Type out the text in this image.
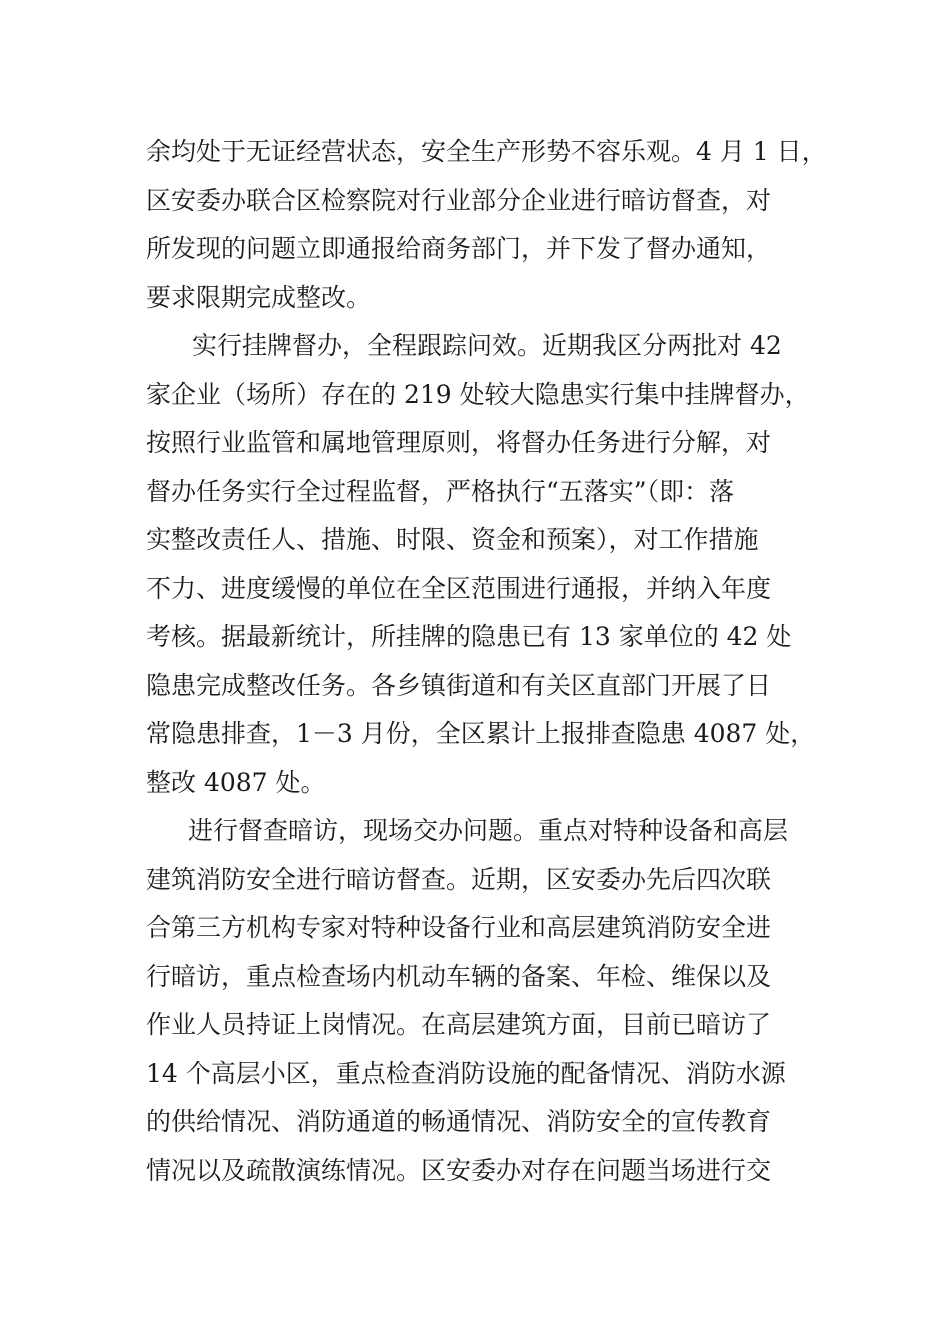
余均处于无证经营状态，安全生产形势不容乐观。4 月 1 日，
区安委办联合区检察院对行业部分企业进行暗访督查，对
所发现的问题立即通报给商务部门，并下发了督办通知，
要求限期完成整改。
实行挂牌督办，全程跟踪问效。近期我区分两批对 42
家企业（场所）存在的 219 处较大隐患实行集中挂牌督办，
按照行业监管和属地管理原则，将督办任务进行分解，对
督办任务实行全过程监督，严格执行“五落实”（即：落
实整改责任人、措施、时限、资金和预案），对工作措施
不力、进度缓慢的单位在全区范围进行通报，并纳入年度
考核。据最新统计，所挂牌的隐患已有 13 家单位的 42 处
隐患完成整改任务。各乡镇街道和有关区直部门开展了日
常隐患排查，1－3 月份，全区累计上报排查隐患 4087 处，
整改 4087 处。
进行督查暗访，现场交办问题。重点对特种设备和高层
建筑消防安全进行暗访督查。近期，区安委办先后四次联
合第三方机构专家对特种设备行业和高层建筑消防安全进
行暗访，重点检查场内机动车辆的备案、年检、维保以及
作业人员持证上岗情况。在高层建筑方面，目前已暗访了
14 个高层小区，重点检查消防设施的配备情况、消防水源
的供给情况、消防通道的畅通情况、消防安全的宣传教育
情况以及疏散演练情况。区安委办对存在问题当场进行交
